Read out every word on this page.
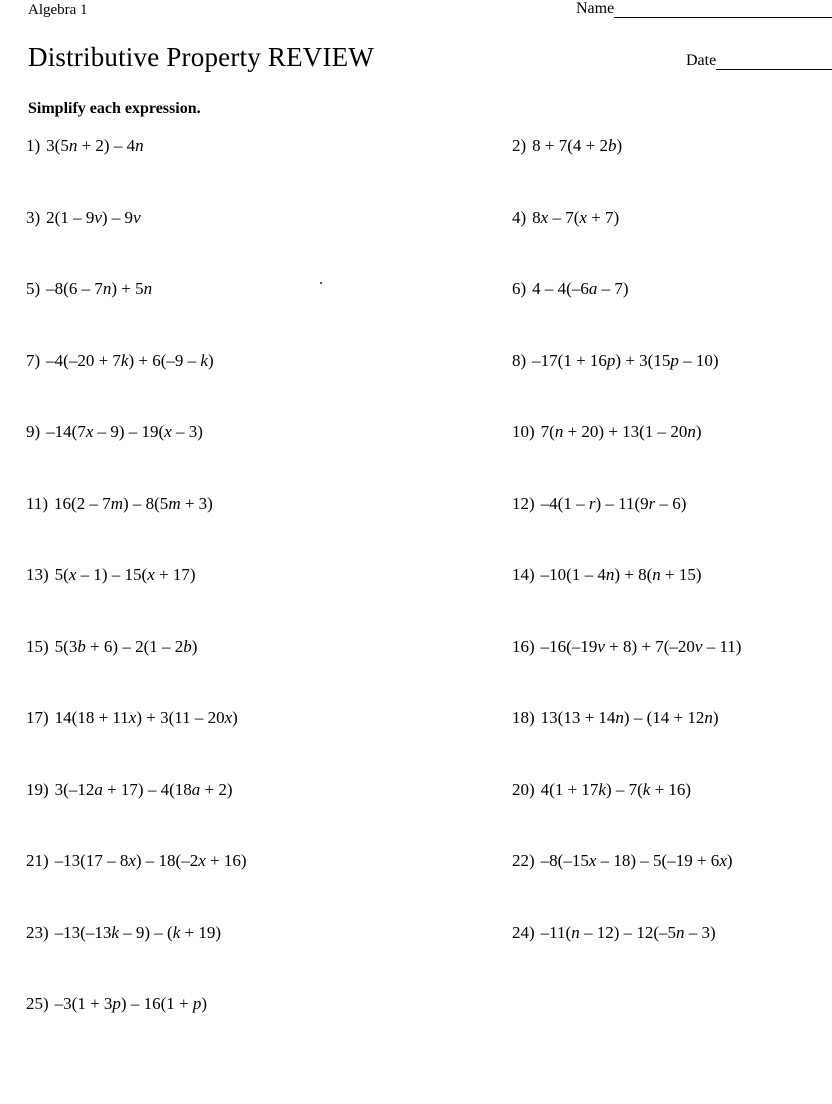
Algebra 1	Name
Distributive Property REVIEW	Date
Simplify each expression.
1) 3(5n + 2) – 4n	2) 8 + 7(4 + 2b)
3) 2(1 – 9v) – 9v	4) 8x – 7(x + 7)
5) –8(6 – 7n) + 5n	6) 4 – 4(–6a – 7)
7) –4(–20 + 7k) + 6(–9 – k)	8) –17(1 + 16p) + 3(15p – 10)
9) –14(7x – 9) – 19(x – 3)	10) 7(n + 20) + 13(1 – 20n)
11) 16(2 – 7m) – 8(5m + 3)	12) –4(1 – r) – 11(9r – 6)
13) 5(x – 1) – 15(x + 17)	14) –10(1 – 4n) + 8(n + 15)
15) 5(3b + 6) – 2(1 – 2b)	16) –16(–19v + 8) + 7(–20v – 11)
17) 14(18 + 11x) + 3(11 – 20x)	18) 13(13 + 14n) – (14 + 12n)
19) 3(–12a + 17) – 4(18a + 2)	20) 4(1 + 17k) – 7(k + 16)
21) –13(17 – 8x) – 18(–2x + 16)	22) –8(–15x – 18) – 5(–19 + 6x)
23) –13(–13k – 9) – (k + 19)	24) –11(n – 12) – 12(–5n – 3)
25) –3(1 + 3p) – 16(1 + p)
